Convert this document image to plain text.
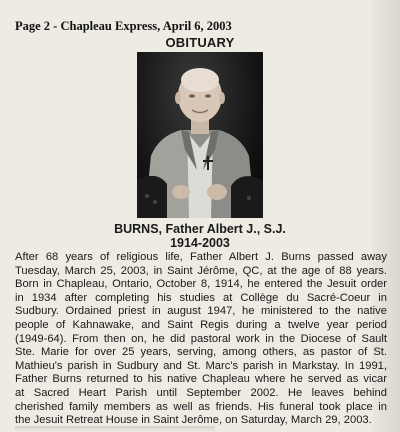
Page 2 - Chapleau Express, April 6, 2003
OBITUARY
BURNS, Father Albert J., S.J.
1914-2003
After 68 years of religious life, Father Albert J. Burns passed away
Tuesday, March 25, 2003, in Saint Jérôme, QC, at the age of 88 years.
Born in Chapleau, Ontario, October 8, 1914, he entered the Jesuit order
in 1934 after completing his studies at Collège du Sacré-Coeur in
Sudbury. Ordained priest in august 1947, he ministered to the native
people of Kahnawake, and Saint Regis during a twelve year period
(1949-64). From then on, he did pastoral work in the Diocese of Sault
Ste. Marie for over 25 years, serving, among others, as pastor of St.
Mathieu's parish in Sudbury and St. Marc's parish in Markstay. In 1991,
Father Burns returned to his native Chapleau where he served as vicar
at Sacred Heart Parish until September 2002. He leaves behind
cherished family members as well as friends. His funeral took place in
the Jesuit Retreat House in Saint Jerôme, on Saturday, March 29, 2003.
